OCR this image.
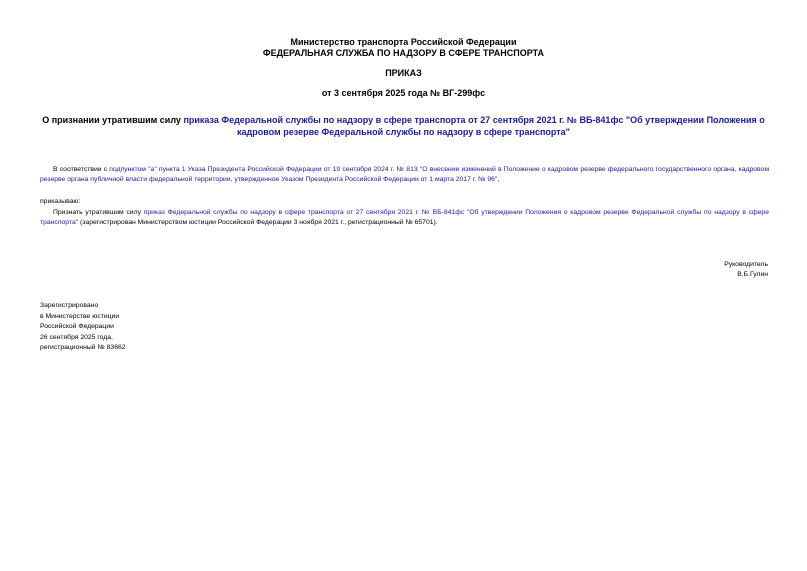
Министерство транспорта Российской Федерации
ФЕДЕРАЛЬНАЯ СЛУЖБА ПО НАДЗОРУ В СФЕРЕ ТРАНСПОРТА
ПРИКАЗ
от 3 сентября 2025 года № ВГ-299фс
О признании утратившим силу приказа Федеральной службы по надзору в сфере транспорта от 27 сентября 2021 г. № ВБ-841фс "Об утверждении Положения о кадровом резерве Федеральной службы по надзору в сфере транспорта"
В соответствии с подпунктом "а" пункта 1 Указа Президента Российской Федерации от 19 сентября 2024 г. № 813 "О внесении изменений в Положение о кадровом резерве федерального государственного органа, кадровом резерве органа публичной власти федеральной территории, утвержденное Указом Президента Российской Федерации от 1 марта 2017 г. № 96",
приказываю:
Признать утратившим силу приказ Федеральной службы по надзору в сфере транспорта от 27 сентября 2021 г. № ВБ-841фс "Об утверждении Положения о кадровом резерве Федеральной службы по надзору в сфере транспорта" (зарегистрирован Министерством юстиции Российской Федерации 3 ноября 2021 г., регистрационный № 65701).
Руководитель
В.Б.Гулин
Зарегистрировано
в Министерстве юстиции
Российской Федерации
26 сентября 2025 года,
регистрационный № 83662
